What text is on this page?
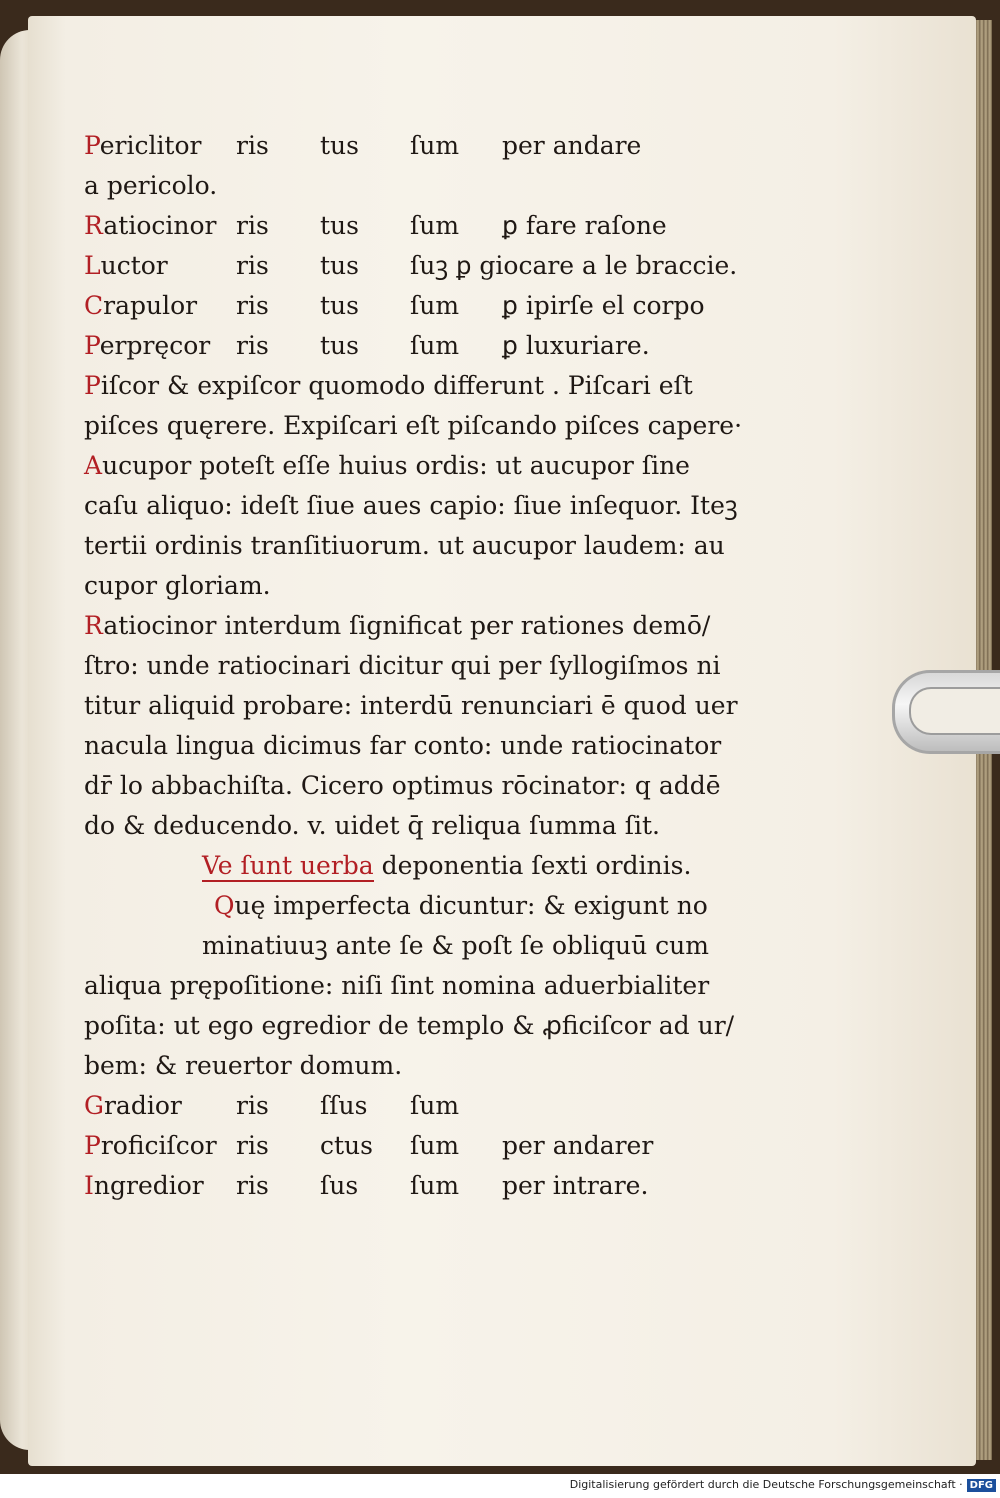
Periclitor ris tus ſum per andare
a pericolo.
Ratiocinor ris tus ſum ꝑ fare raſone
Luctor	ris tus ſuꝫ ꝑ giocare a le braccie.
Crapulor ris tus ſum ꝑ ipirſe el corpo
Perpręcor ris tus ſum ꝑ luxuriare.
Piſcor & expiſcor quomodo differunt . Piſcari eſt
piſces quęrere. Expiſcari eſt piſcando piſces capere·
Aucupor poteſt eſſe huius ordis: ut aucupor ſine
caſu aliquo: ideſt ſiue aues capio: ſiue inſequor. Iteꝫ
tertii ordinis tranſitiuorum. ut aucupor laudem: au
cupor gloriam.
Ratiocinor interdum ſignificat per rationes demō/
ſtro: unde ratiocinari dicitur qui per ſyllogiſmos ni
titur aliquid probare: interdū renunciari ē quod uer
nacula lingua dicimus far conto: unde ratiocinator
dr̄ lo abbachiſta. Cicero optimus rōcinator: q addē
do & deducendo. v. uidet q̄ reliqua ſumma ſit.
Ve ſunt uerba deponentia ſexti ordinis.
Quę imperfecta dicuntur: & exigunt no
minatiuuꝫ ante ſe & poſt ſe obliquū cum
aliqua prępoſitione: niſi ſint nomina aduerbialiter
poſita: ut ego egredior de templo & ꝓficiſcor ad ur/
bem: & reuertor domum.
Gradior ris ſſus ſum
Proficiſcor ris ctus ſum per andarer
Ingredior ris ſus ſum per intrare.
Digitalisierung gefördert durch die Deutsche Forschungsgemeinschaft · DFG
